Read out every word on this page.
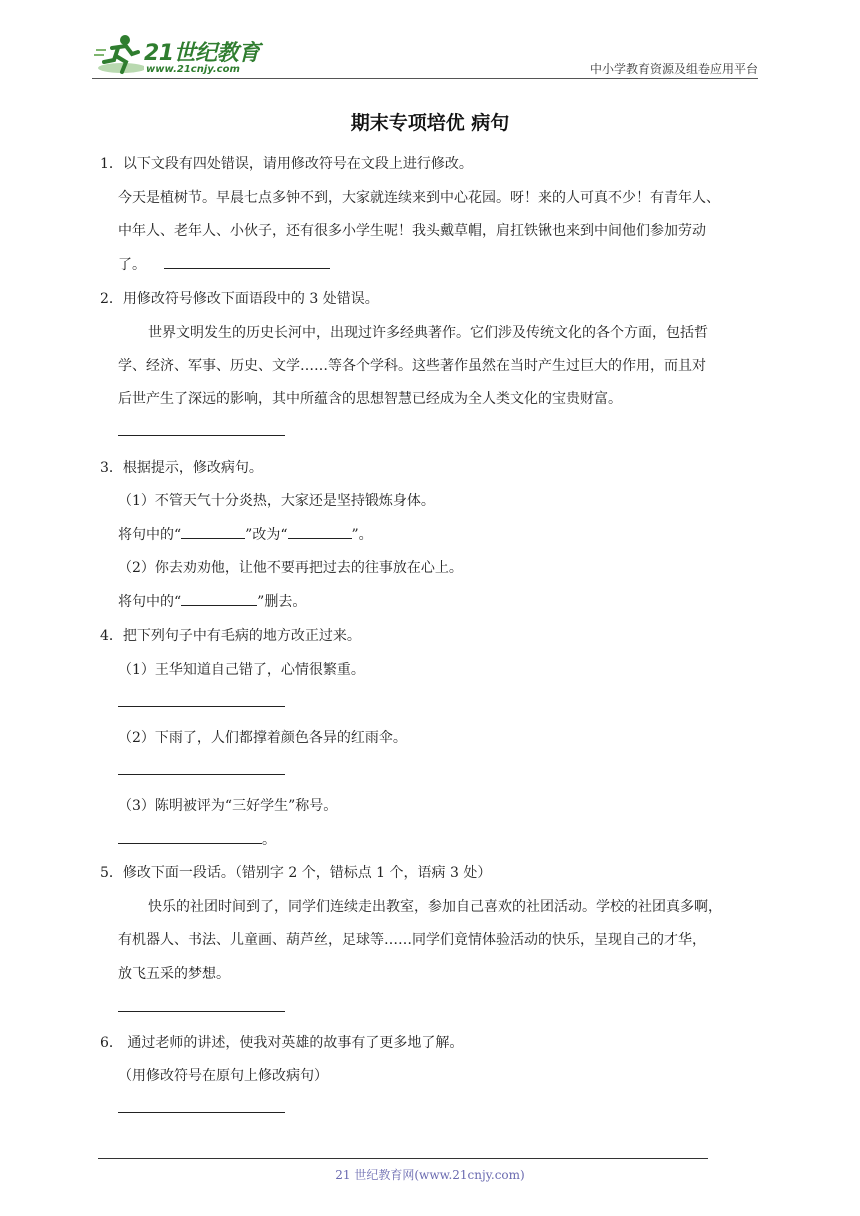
21世纪教育
www.21cnjy.com	中小学教育资源及组卷应用平台
期末专项培优 病句
1．以下文段有四处错误，请用修改符号在文段上进行修改。
今天是植树节。早晨七点多钟不到，大家就连续来到中心花园。呀！来的人可真不少！有青年人、
中年人、老年人、小伙子，还有很多小学生呢！我头戴草帽，肩扛铁锹也来到中间他们参加劳动
了。
2．用修改符号修改下面语段中的 3 处错误。
世界文明发生的历史长河中，出现过许多经典著作。它们涉及传统文化的各个方面，包括哲
学、经济、军事、历史、文学……等各个学科。这些著作虽然在当时产生过巨大的作用，而且对
后世产生了深远的影响，其中所蕴含的思想智慧已经成为全人类文化的宝贵财富。
3．根据提示，修改病句。
（1）不管天气十分炎热，大家还是坚持锻炼身体。
将句中的“	”改为“	”。
（2）你去劝劝他，让他不要再把过去的往事放在心上。
将句中的“	”删去。
4．把下列句子中有毛病的地方改正过来。
（1）王华知道自己错了，心情很繁重。
（2）下雨了，人们都撑着颜色各异的红雨伞。
（3）陈明被评为“三好学生”称号。
。
5．修改下面一段话。（错别字 2 个，错标点 1 个，语病 3 处）
快乐的社团时间到了，同学们连续走出教室，参加自己喜欢的社团活动。学校的社团真多啊，
有机器人、书法、儿童画、葫芦丝，足球等……同学们竟情体验活动的快乐，呈现自己的才华，
放飞五采的梦想。
6． 通过老师的讲述，使我对英雄的故事有了更多地了解。
（用修改符号在原句上修改病句）
21 世纪教育网(www.21cnjy.com)
